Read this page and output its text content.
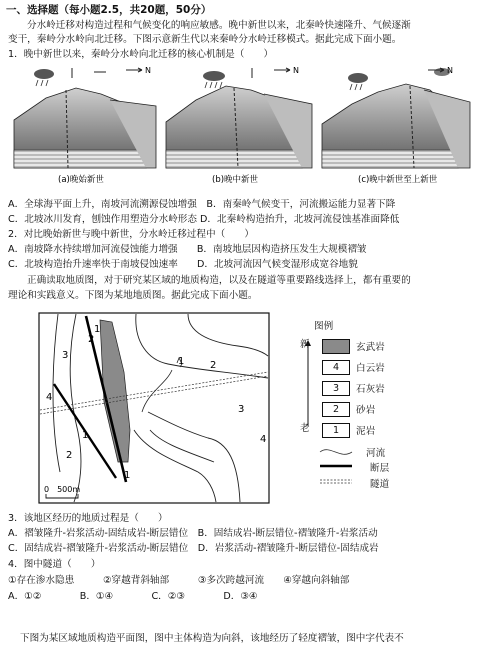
一、选择题（每小题2.5，共20题，50分）
分水岭迁移对构造过程和气候变化的响应敏感。晚中新世以来，北秦岭快速隆升、气候逐渐
变干，秦岭分水岭向北迁移。下图示意新生代以来秦岭分水岭迁移模式。据此完成下面小题。
1．晚中新世以来，秦岭分水岭向北迁移的核心机制是（　　）
(a)晚始新世	(b)晚中新世	(c)晚中新世至上新世
N	N	N
A．全球海平面上升，南坡河流溯源侵蚀增强　B．南秦岭气候变干，河流搬运能力显著下降
C．北坡冰川发育，刨蚀作用塑造分水岭形态 D．北秦岭构造抬升，北坡河流侵蚀基准面降低
2．对比晚始新世与晚中新世，分水岭迁移过程中（　　）
A．南坡降水持续增加河流侵蚀能力增强　　B．南坡地层因构造挤压发生大规模褶皱
C．北坡构造抬升速率快于南坡侵蚀速率　　D．北坡河流因气候变湿形成宽谷地貌
正确读取地质图，对于研究某区域的地质构造，以及在隧道等重要路线选择上，都有重要的
理论和实践意义。下图为某地地质图。据此完成下面小题。
3
2
1
2
1
4
1
2
1
3
4
0　500m
图例
新
老
玄武岩
4	白云岩
3	石灰岩
2	砂岩
1	泥岩
河流
断层
隧道
3．该地区经历的地质过程是（　　）
A．褶皱隆升-岩浆活动-固结成岩-断层错位　B．固结成岩-断层错位-褶皱隆升-岩浆活动
C．固结成岩-褶皱隆升-岩浆活动-断层错位　D．岩浆活动-褶皱隆升-断层错位-固结成岩
4．图中隧道（　　）
①存在渗水隐患　　　②穿越背斜轴部　　　③多次跨越河流　　④穿越向斜轴部
A．①②　　　　B．①④　　　　C．②③　　　　D．③④
下图为某区域地质构造平面图，图中主体构造为向斜，该地经历了轻度褶皱，图中字代表不
